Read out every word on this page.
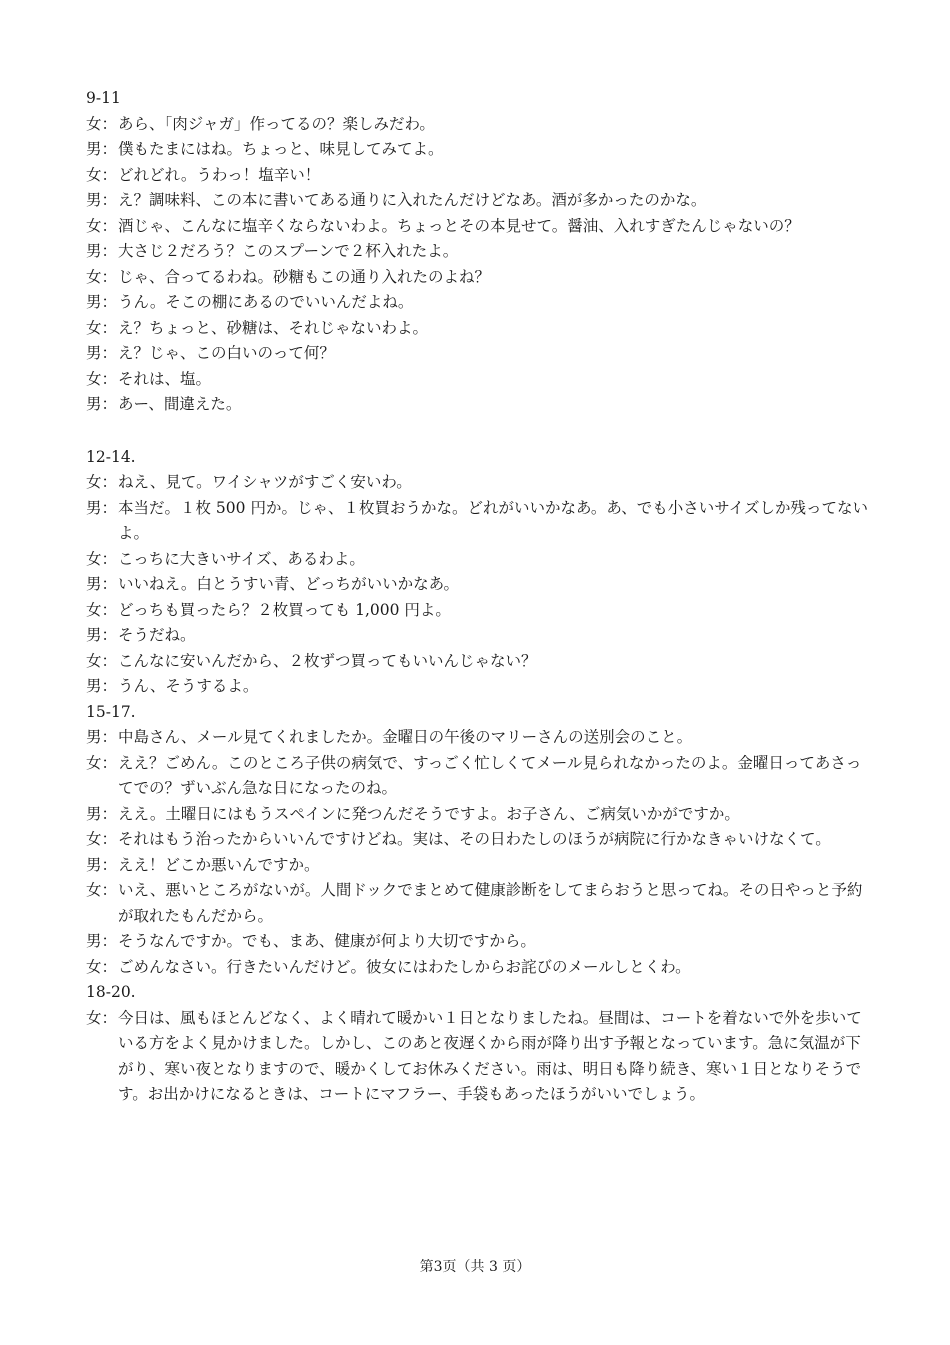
9-11
女： あら、「肉ジャガ」作ってるの？楽しみだわ。
男： 僕もたまにはね。ちょっと、味見してみてよ。
女： どれどれ。うわっ！塩辛い！
男： え？調味料、この本に書いてある通りに入れたんだけどなあ。酒が多かったのかな。
女： 酒じゃ、こんなに塩辛くならないわよ。ちょっとその本見せて。醤油、入れすぎたんじゃないの？
男： 大さじ２だろう？このスプーンで２杯入れたよ。
女： じゃ、合ってるわね。砂糖もこの通り入れたのよね？
男： うん。そこの棚にあるのでいいんだよね。
女： え？ちょっと、砂糖は、それじゃないわよ。
男： え？じゃ、この白いのって何？
女： それは、塩。
男： あー、間違えた。
12-14.
女： ねえ、見て。ワイシャツがすごく安いわ。
男： 本当だ。１枚 500 円か。じゃ、１枚買おうかな。どれがいいかなあ。あ、でも小さいサイズしか残ってないよ。
女： こっちに大きいサイズ、あるわよ。
男： いいねえ。白とうすい青、どっちがいいかなあ。
女： どっちも買ったら？２枚買っても 1,000 円よ。
男： そうだね。
女： こんなに安いんだから、２枚ずつ買ってもいいんじゃない？
男： うん、そうするよ。
15-17.
男： 中島さん、メール見てくれましたか。金曜日の午後のマリーさんの送別会のこと。
女： ええ？ごめん。このところ子供の病気で、すっごく忙しくてメール見られなかったのよ。金曜日ってあさってでの？ずいぶん急な日になったのね。
男： ええ。土曜日にはもうスペインに発つんだそうですよ。お子さん、ご病気いかがですか。
女： それはもう治ったからいいんですけどね。実は、その日わたしのほうが病院に行かなきゃいけなくて。
男： ええ！どこか悪いんですか。
女： いえ、悪いところがないが。人間ドックでまとめて健康診断をしてまらおうと思ってね。その日やっと予約が取れたもんだから。
男： そうなんですか。でも、まあ、健康が何より大切ですから。
女： ごめんなさい。行きたいんだけど。彼女にはわたしからお詫びのメールしとくわ。
18-20.
女： 今日は、風もほとんどなく、よく晴れて暖かい１日となりましたね。昼間は、コートを着ないで外を歩いている方をよく見かけました。しかし、このあと夜遅くから雨が降り出す予報となっています。急に気温が下がり、寒い夜となりますので、暖かくしてお休みください。雨は、明日も降り続き、寒い１日となりそうです。お出かけになるときは、コートにマフラー、手袋もあったほうがいいでしょう。
第3页（共 3 页）
